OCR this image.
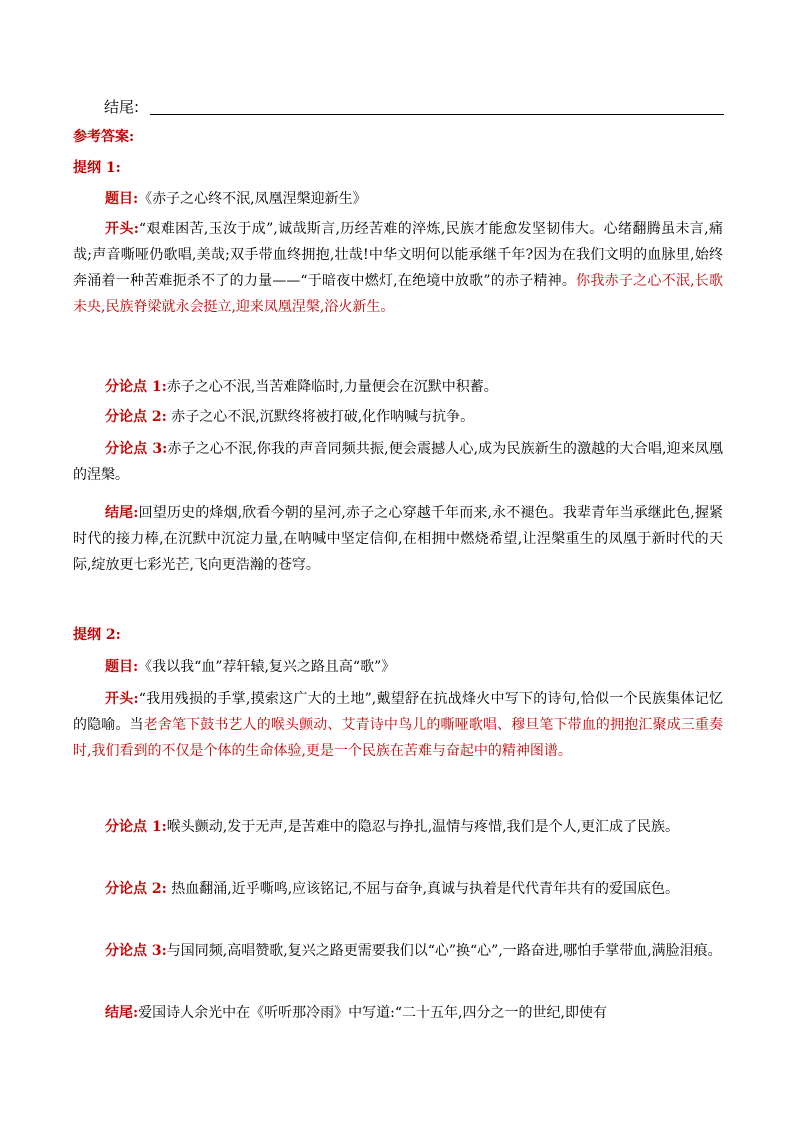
结尾:

参考答案:

提纲 1:

题目:《赤子之心终不泯,凤凰涅槃迎新生》

开头:“艰难困苦,玉汝于成”,诚哉斯言,历经苦难的淬炼,民族才能愈发坚韧伟大。心绪翻腾虽未言,痛哉;声音嘶哑仍歌唱,美哉;双手带血终拥抱,壮哉!中华文明何以能承继千年?因为在我们文明的血脉里,始终奔涌着一种苦难扼杀不了的力量——“于暗夜中燃灯,在绝境中放歌”的赤子精神。你我赤子之心不泯,长歌未央,民族脊梁就永会挺立,迎来凤凰涅槃,浴火新生。

分论点 1:赤子之心不泯,当苦难降临时,力量便会在沉默中积蓄。

分论点 2: 赤子之心不泯,沉默终将被打破,化作呐喊与抗争。

分论点 3:赤子之心不泯,你我的声音同频共振,便会震撼人心,成为民族新生的激越的大合唱,迎来凤凰的涅槃。

结尾:回望历史的烽烟,欣看今朝的星河,赤子之心穿越千年而来,永不褪色。我辈青年当承继此色,握紧时代的接力棒,在沉默中沉淀力量,在呐喊中坚定信仰,在相拥中燃烧希望,让涅槃重生的凤凰于新时代的天际,绽放更七彩光芒,飞向更浩瀚的苍穹。

提纲 2:

题目:《我以我“血”荐轩辕,复兴之路且高“歌”》

开头:“我用残损的手掌,摸索这广大的土地”,戴望舒在抗战烽火中写下的诗句,恰似一个民族集体记忆的隐喻。当老舍笔下鼓书艺人的喉头颤动、艾青诗中鸟儿的嘶哑歌唱、穆旦笔下带血的拥抱汇聚成三重奏时,我们看到的不仅是个体的生命体验,更是一个民族在苦难与奋起中的精神图谱。

分论点 1:喉头颤动,发于无声,是苦难中的隐忍与挣扎,温情与疼惜,我们是个人,更汇成了民族。

分论点 2: 热血翻涌,近乎嘶鸣,应该铭记,不屈与奋争,真诚与执着是代代青年共有的爱国底色。

分论点 3:与国同频,高唱赞歌,复兴之路更需要我们以“心”换“心”,一路奋进,哪怕手掌带血,满脸泪痕。

结尾:爱国诗人余光中在《听听那冷雨》中写道:“二十五年,四分之一的世纪,即使有
